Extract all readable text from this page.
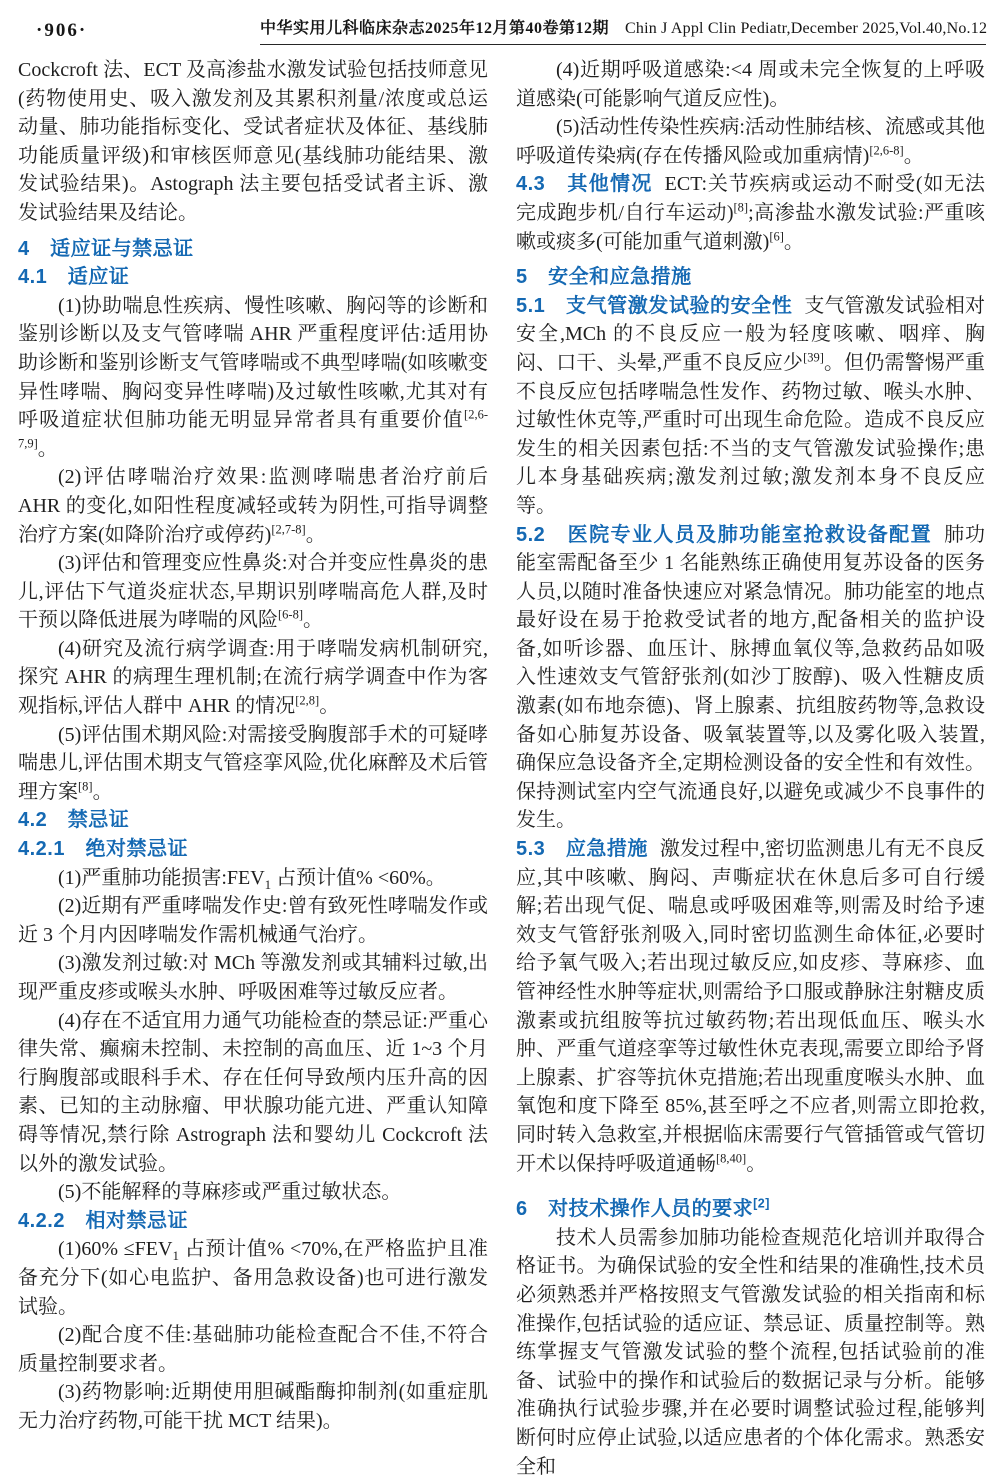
·906·	中华实用儿科临床杂志2025年12月第40卷第12期 Chin J Appl Clin Pediatr,December 2025,Vol.40,No.12
Cockcroft 法、ECT 及高渗盐水激发试验包括技师意见(药物使用史、吸入激发剂及其累积剂量/浓度或总运动量、肺功能指标变化、受试者症状及体征、基线肺功能质量评级)和审核医师意见(基线肺功能结果、激发试验结果)。Astograph 法主要包括受试者主诉、激发试验结果及结论。
4　适应证与禁忌证
4.1　适应证
(1)协助喘息性疾病、慢性咳嗽、胸闷等的诊断和鉴别诊断以及支气管哮喘 AHR 严重程度评估:适用协助诊断和鉴别诊断支气管哮喘或不典型哮喘(如咳嗽变异性哮喘、胸闷变异性哮喘)及过敏性咳嗽,尤其对有呼吸道症状但肺功能无明显异常者具有重要价值[2,6-7,9]。
(2)评估哮喘治疗效果:监测哮喘患者治疗前后 AHR 的变化,如阳性程度减轻或转为阴性,可指导调整治疗方案(如降阶治疗或停药)[2,7-8]。
(3)评估和管理变应性鼻炎:对合并变应性鼻炎的患儿,评估下气道炎症状态,早期识别哮喘高危人群,及时干预以降低进展为哮喘的风险[6-8]。
(4)研究及流行病学调查:用于哮喘发病机制研究,探究 AHR 的病理生理机制;在流行病学调查中作为客观指标,评估人群中 AHR 的情况[2,8]。
(5)评估围术期风险:对需接受胸腹部手术的可疑哮喘患儿,评估围术期支气管痉挛风险,优化麻醉及术后管理方案[8]。
4.2　禁忌证
4.2.1　绝对禁忌证
(1)严重肺功能损害$:FEV_1$ 占预计值% <60%。
(2)近期有严重哮喘发作史:曾有致死性哮喘发作或近 3 个月内因哮喘发作需机械通气治疗。
(3)激发剂过敏:对 MCh 等激发剂或其辅料过敏,出现严重皮疹或喉头水肿、呼吸困难等过敏反应者。
(4)存在不适宜用力通气功能检查的禁忌证:严重心律失常、癫痫未控制、未控制的高血压、近 1~3 个月行胸腹部或眼科手术、存在任何导致颅内压升高的因素、已知的主动脉瘤、甲状腺功能亢进、严重认知障碍等情况,禁行除 Astrograph 法和婴幼儿 Cockcroft 法以外的激发试验。
(5)不能解释的荨麻疹或严重过敏状态。
4.2.2　相对禁忌证
$(1)60\% \le FEV_1$ 占预计值% <70%,在严格监护且准备充分下(如心电监护、备用急救设备)也可进行激发试验。
(2)配合度不佳:基础肺功能检查配合不佳,不符合质量控制要求者。
(3)药物影响:近期使用胆碱酯酶抑制剂(如重症肌无力治疗药物,可能干扰 MCT 结果)。
(4)近期呼吸道感染:<4 周或未完全恢复的上呼吸道感染(可能影响气道反应性)。
(5)活动性传染性疾病:活动性肺结核、流感或其他呼吸道传染病(存在传播风险或加重病情)[2,6-8]。
4.3　其他情况 ECT:关节疾病或运动不耐受(如无法完成跑步机/自行车运动)[8];高渗盐水激发试验:严重咳嗽或痰多(可能加重气道刺激)[6]。
5　安全和应急措施
5.1　支气管激发试验的安全性 支气管激发试验相对安全,MCh 的不良反应一般为轻度咳嗽、咽痒、胸闷、口干、头晕,严重不良反应少[39]。但仍需警惕严重不良反应包括哮喘急性发作、药物过敏、喉头水肿、过敏性休克等,严重时可出现生命危险。造成不良反应发生的相关因素包括:不当的支气管激发试验操作;患儿本身基础疾病;激发剂过敏;激发剂本身不良反应等。
5.2　医院专业人员及肺功能室抢救设备配置 肺功能室需配备至少 1 名能熟练正确使用复苏设备的医务人员,以随时准备快速应对紧急情况。肺功能室的地点最好设在易于抢救受试者的地方,配备相关的监护设备,如听诊器、血压计、脉搏血氧仪等,急救药品如吸入性速效支气管舒张剂(如沙丁胺醇)、吸入性糖皮质激素(如布地奈德)、肾上腺素、抗组胺药物等,急救设备如心肺复苏设备、吸氧装置等,以及雾化吸入装置,确保应急设备齐全,定期检测设备的安全性和有效性。保持测试室内空气流通良好,以避免或减少不良事件的发生。
5.3　应急措施 激发过程中,密切监测患儿有无不良反应,其中咳嗽、胸闷、声嘶症状在休息后多可自行缓解;若出现气促、喘息或呼吸困难等,则需及时给予速效支气管舒张剂吸入,同时密切监测生命体征,必要时给予氧气吸入;若出现过敏反应,如皮疹、荨麻疹、血管神经性水肿等症状,则需给予口服或静脉注射糖皮质激素或抗组胺等抗过敏药物;若出现低血压、喉头水肿、严重气道痉挛等过敏性休克表现,需要立即给予肾上腺素、扩容等抗休克措施;若出现重度喉头水肿、血氧饱和度下降至 85%,甚至呼之不应者,则需立即抢救,同时转入急救室,并根据临床需要行气管插管或气管切开术以保持呼吸道通畅[8,40]。
6　对技术操作人员的要求[2]
技术人员需参加肺功能检查规范化培训并取得合格证书。为确保试验的安全性和结果的准确性,技术员必须熟悉并严格按照支气管激发试验的相关指南和标准操作,包括试验的适应证、禁忌证、质量控制等。熟练掌握支气管激发试验的整个流程,包括试验前的准备、试验中的操作和试验后的数据记录与分析。能够准确执行试验步骤,并在必要时调整试验过程,能够判断何时应停止试验,以适应患者的个体化需求。熟悉安全和
